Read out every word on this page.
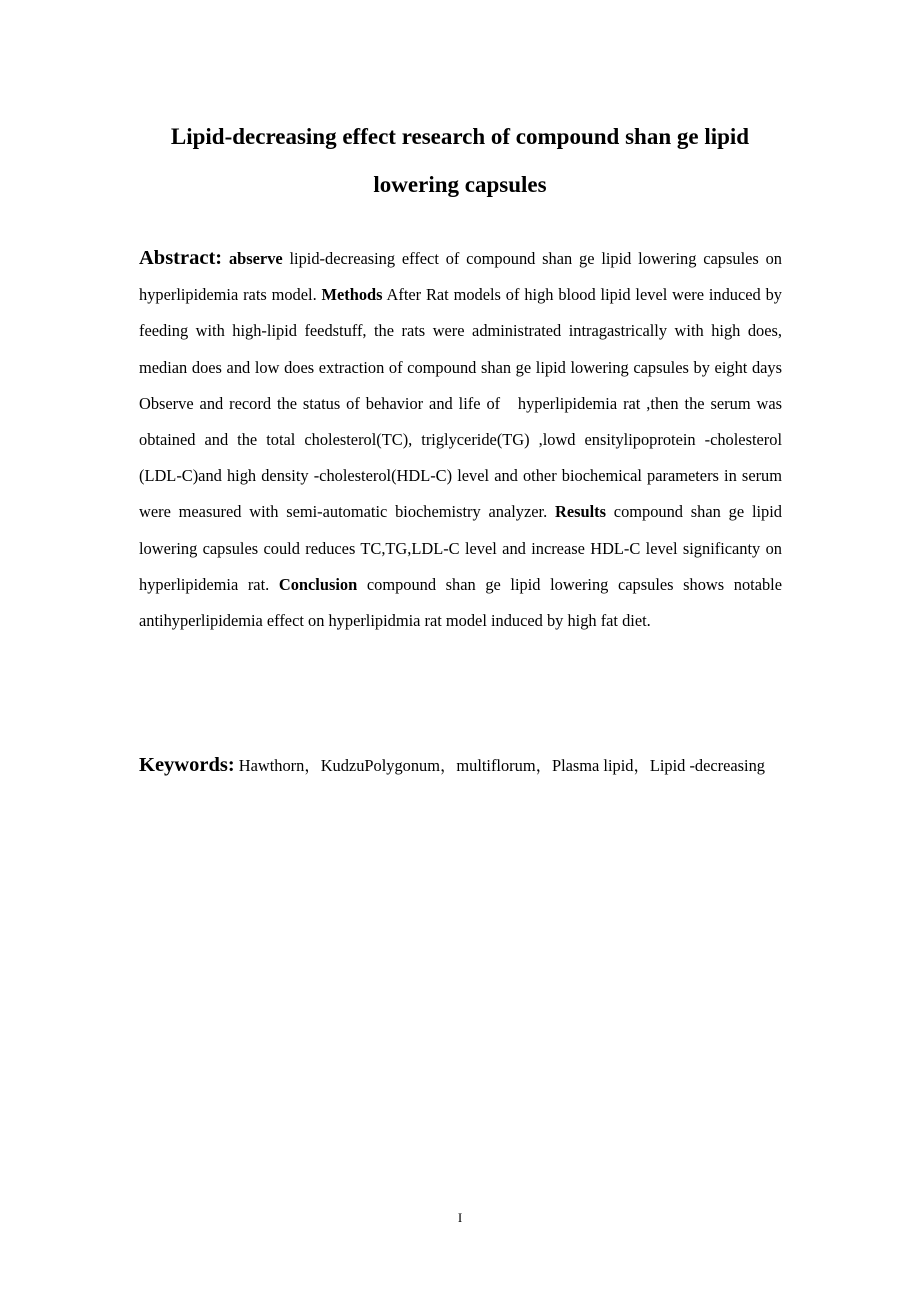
Lipid-decreasing effect research of compound shan ge lipid
lowering capsules

Abstract: abserve lipid-decreasing effect of compound shan ge lipid lowering capsules on hyperlipidemia rats model. Methods After Rat models of high blood lipid level were induced by feeding with high-lipid feedstuff, the rats were administrated intragastrically with high does, median does and low does extraction of compound shan ge lipid lowering capsules by eight days Observe and record the status of behavior and life of   hyperlipidemia rat ,then the serum was obtained and the total cholesterol(TC), triglyceride(TG) ,lowd ensitylipoprotein -cholesterol (LDL-C)and high density -cholesterol(HDL-C) level and other biochemical parameters in serum were measured with semi-automatic biochemistry analyzer. Results compound shan ge lipid lowering capsules could reduces TC,TG,LDL-C level and increase HDL-C level significanty on hyperlipidemia rat. Conclusion compound shan ge lipid lowering capsules shows notable antihyperlipidemia effect on hyperlipidmia rat model induced by high fat diet.

Keywords: Hawthorn，KudzuPolygonum，multiflorum，Plasma lipid，Lipid -decreasing

I
